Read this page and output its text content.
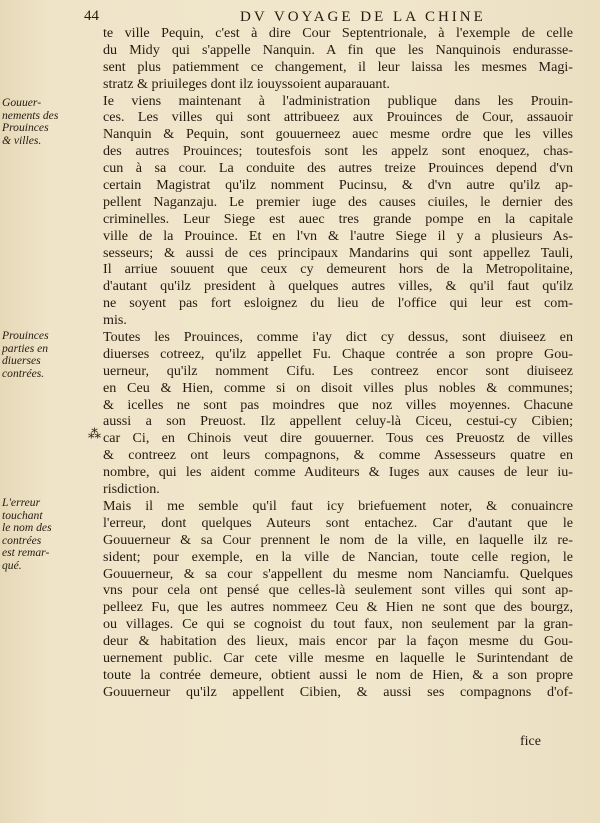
44	DV VOYAGE DE LA CHINE
Gouuer-
nements des
Prouinces
& villes.
Prouinces
parties en
diuerses
contrées.
L'erreur
touchant
le nom des
contrées
est remar-
qué.
⁂
te ville Pequin, c'est à dire Cour Septentrionale, à l'exemple de celle
du Midy qui s'appelle Nanquin. A fin que les Nanquinois endurasse-
sent plus patiemment ce changement, il leur laissa les mesmes Magi-
stratz & priuileges dont ilz iouyssoient auparauant.
Ie viens maintenant à l'administration publique dans les Prouin-
ces. Les villes qui sont attribueez aux Prouinces de Cour, assauoir
Nanquin & Pequin, sont gouuerneez auec mesme ordre que les villes
des autres Prouinces; toutesfois sont les appelz sont enoquez, chas-
cun à sa cour. La conduite des autres treize Prouinces depend d'vn
certain Magistrat qu'ilz nomment Pucinsu, & d'vn autre qu'ilz ap-
pellent Naganzaju. Le premier iuge des causes ciuiles, le dernier des
criminelles. Leur Siege est auec tres grande pompe en la capitale
ville de la Prouince. Et en l'vn & l'autre Siege il y a plusieurs As-
sesseurs; & aussi de ces principaux Mandarins qui sont appellez Tauli,
Il arriue souuent que ceux cy demeurent hors de la Metropolitaine,
d'autant qu'ilz president à quelques autres villes, & qu'il faut qu'ilz
ne soyent pas fort esloignez du lieu de l'office qui leur est com-
mis.
Toutes les Prouinces, comme i'ay dict cy dessus, sont diuiseez en
diuerses cotreez, qu'ilz appellet Fu. Chaque contrée a son propre Gou-
uerneur, qu'ilz nomment Cifu. Les contreez encor sont diuiseez
en Ceu & Hien, comme si on disoit villes plus nobles & communes;
& icelles ne sont pas moindres que noz villes moyennes. Chacune
aussi a son Preuost. Ilz appellent celuy-là Ciceu, cestui-cy Cibien;
car Ci, en Chinois veut dire gouuerner. Tous ces Preuostz de villes
& contreez ont leurs compagnons, & comme Assesseurs quatre en
nombre, qui les aident comme Auditeurs & Iuges aux causes de leur iu-
risdiction.
Mais il me semble qu'il faut icy briefuement noter, & conuaincre
l'erreur, dont quelques Auteurs sont entachez. Car d'autant que le
Gouuerneur & sa Cour prennent le nom de la ville, en laquelle ilz re-
sident; pour exemple, en la ville de Nancian, toute celle region, le
Gouuerneur, & sa cour s'appellent du mesme nom Nanciamfu. Quelques
vns pour cela ont pensé que celles-là seulement sont villes qui sont ap-
pelleez Fu, que les autres nommeez Ceu & Hien ne sont que des bourgz,
ou villages. Ce qui se cognoist du tout faux, non seulement par la gran-
deur & habitation des lieux, mais encor par la façon mesme du Gou-
uernement public. Car cete ville mesme en laquelle le Surintendant de
toute la contrée demeure, obtient aussi le nom de Hien, & a son propre
Gouuerneur qu'ilz appellent Cibien, & aussi ses compagnons d'of-
fice
